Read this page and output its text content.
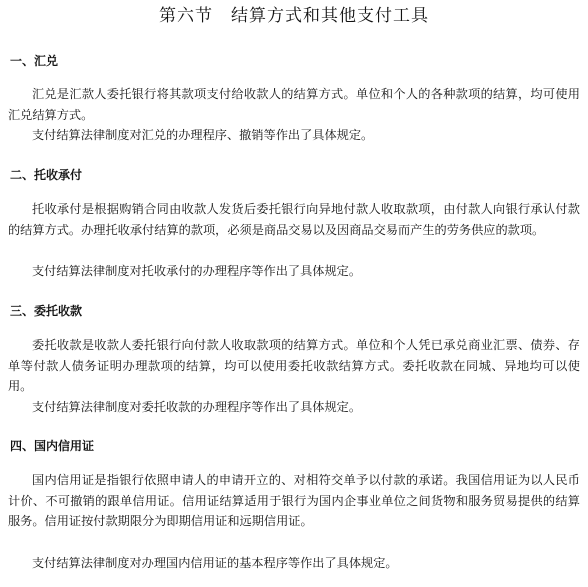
第六节　结算方式和其他支付工具
一、汇兑

汇兑是汇款人委托银行将其款项支付给收款人的结算方式。单位和个人的各种款项的结算，均可使用汇兑结算方式。

支付结算法律制度对汇兑的办理程序、撤销等作出了具体规定。

二、托收承付

托收承付是根据购销合同由收款人发货后委托银行向异地付款人收取款项，由付款人向银行承认付款的结算方式。办理托收承付结算的款项，必须是商品交易以及因商品交易而产生的劳务供应的款项。

支付结算法律制度对托收承付的办理程序等作出了具体规定。

三、委托收款

委托收款是收款人委托银行向付款人收取款项的结算方式。单位和个人凭已承兑商业汇票、债券、存单等付款人债务证明办理款项的结算，均可以使用委托收款结算方式。委托收款在同城、异地均可以使用。

支付结算法律制度对委托收款的办理程序等作出了具体规定。

四、国内信用证

国内信用证是指银行依照申请人的申请开立的、对相符交单予以付款的承诺。我国信用证为以人民币计价、不可撤销的跟单信用证。信用证结算适用于银行为国内企事业单位之间货物和服务贸易提供的结算服务。信用证按付款期限分为即期信用证和远期信用证。

支付结算法律制度对办理国内信用证的基本程序等作出了具体规定。
